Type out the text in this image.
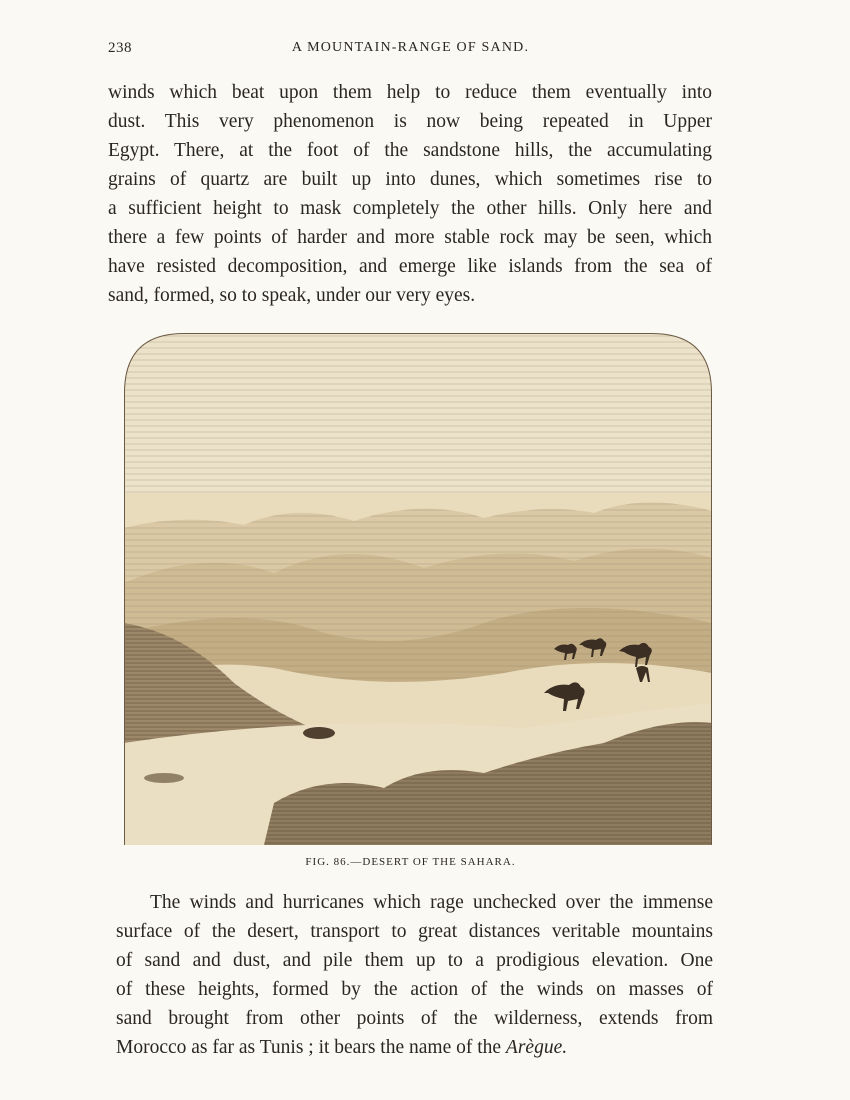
238	A MOUNTAIN-RANGE OF SAND.
winds which beat upon them help to reduce them eventually into
dust. This very phenomenon is now being repeated in Upper
Egypt. There, at the foot of the sandstone hills, the accumulating
grains of quartz are built up into dunes, which sometimes rise to
a sufficient height to mask completely the other hills. Only here and
there a few points of harder and more stable rock may be seen, which
have resisted decomposition, and emerge like islands from the sea of
sand, formed, so to speak, under our very eyes.
FIG. 86.—DESERT OF THE SAHARA.
The winds and hurricanes which rage unchecked over the immense
surface of the desert, transport to great distances veritable mountains
of sand and dust, and pile them up to a prodigious elevation. One
of these heights, formed by the action of the winds on masses of
sand brought from other points of the wilderness, extends from
Morocco as far as Tunis ; it bears the name of the Arègue.
